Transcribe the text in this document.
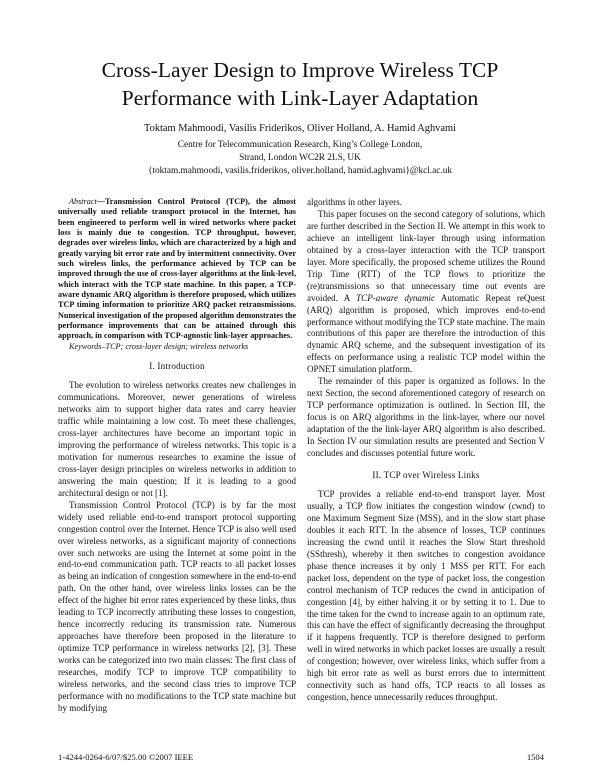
Cross-Layer Design to Improve Wireless TCP
Performance with Link-Layer Adaptation
Toktam Mahmoodi, Vasilis Friderikos, Oliver Holland, A. Hamid Aghvami
Centre for Telecommunication Research, King’s College London,
Strand, London WC2R 2LS, UK
{toktam.mahmoodi, vasilis.friderikos, oliver.holland, hamid.aghvami}@kcl.ac.uk

Abstract—Transmission Control Protocol (TCP), the almost universally used reliable transport protocol in the Internet, has been engineered to perform well in wired networks where packet loss is mainly due to congestion. TCP throughput, however, degrades over wireless links, which are characterized by a high and greatly varying bit error rate and by intermittent connectivity. Over such wireless links, the performance achieved by TCP can be improved through the use of cross-layer algorithms at the link-level, which interact with the TCP state machine. In this paper, a TCP-aware dynamic ARQ algorithm is therefore proposed, which utilizes TCP timing information to prioritize ARQ packet retransmissions. Numerical investigation of the proposed algorithm demonstrates the performance improvements that can be attained through this approach, in comparison with TCP-agnostic link-layer approaches.

Keywords–TCP; cross-layer design; wireless networks

I. Introduction

The evolution to wireless networks creates new challenges in communications. Moreover, newer generations of wireless networks aim to support higher data rates and carry heavier traffic while maintaining a low cost. To meet these challenges, cross-layer architectures have become an important topic in improving the performance of wireless networks. This topic is a motivation for numerous researches to examine the issue of cross-layer design principles on wireless networks in addition to answering the main question; If it is leading to a good architectural design or not [1].

Transmission Control Protocol (TCP) is by far the most widely used reliable end-to-end transport protocol supporting congestion control over the Internet. Hence TCP is also well used over wireless networks, as a significant majority of connections over such networks are using the Internet at some point in the end-to-end communication path. TCP reacts to all packet losses as being an indication of congestion somewhere in the end-to-end path. On the other hand, over wireless links losses can be the effect of the higher bit error rates experienced by these links, thus leading to TCP incorrectly attributing these losses to congestion, hence incorrectly reducing its transmission rate. Numerous approaches have therefore been proposed in the literature to optimize TCP performance in wireless networks [2], [3]. These works can be categorized into two main classes: The first class of researches, modify TCP to improve TCP compatibility to wireless networks, and the second class tries to improve TCP performance with no modifications to the TCP state machine but by modifying

algorithms in other layers.

This paper focuses on the second category of solutions, which are further described in the Section II. We attempt in this work to achieve an intelligent link-layer through using information obtained by a cross-layer interaction with the TCP transport layer. More specifically, the proposed scheme utilizes the Round Trip Time (RTT) of the TCP flows to prioritize the (re)transmissions so that unnecessary time out events are avoided. A TCP-aware dynamic Automatic Repeat reQuest (ARQ) algorithm is proposed, which improves end-to-end performance without modifying the TCP state machine. The main contributions of this paper are therefore the introduction of this dynamic ARQ scheme, and the subsequent investigation of its effects on performance using a realistic TCP model within the OPNET simulation platform.

The remainder of this paper is organized as follows. In the next Section, the second aforementioned category of research on TCP performance optimization is outlined. In Section III, the focus is on ARQ algorithms in the link-layer, where our novel adaptation of the the link-layer ARQ algorithm is also described. In Section IV our simulation results are presented and Section V concludes and discusses potential future work.

II. TCP over Wireless Links

TCP provides a reliable end-to-end transport layer. Most usually, a TCP flow initiates the congestion window (cwnd) to one Maximum Segment Size (MSS), and in the slow start phase doubles it each RTT. In the absence of losses, TCP continues increasing the cwnd until it reaches the Slow Start threshold (SSthresh), whereby it then switches to congestion avoidance phase thence increases it by only 1 MSS per RTT. For each packet loss, dependent on the type of packet loss, the congestion control mechanism of TCP reduces the cwnd in anticipation of congestion [4], by either halving it or by setting it to 1. Due to the time taken for the cwnd to increase again to an optimum rate, this can have the effect of significantly decreasing the throughput if it happens frequently. TCP is therefore designed to perform well in wired networks in which packet losses are usually a result of congestion; however, over wireless links, which suffer from a high bit error rate as well as burst errors due to intermittent connectivity such as hand offs, TCP reacts to all losses as congestion, hence unnecessarily reduces throughput.

1-4244-0264-6/07/$25.00 ©2007 IEEE	1504
